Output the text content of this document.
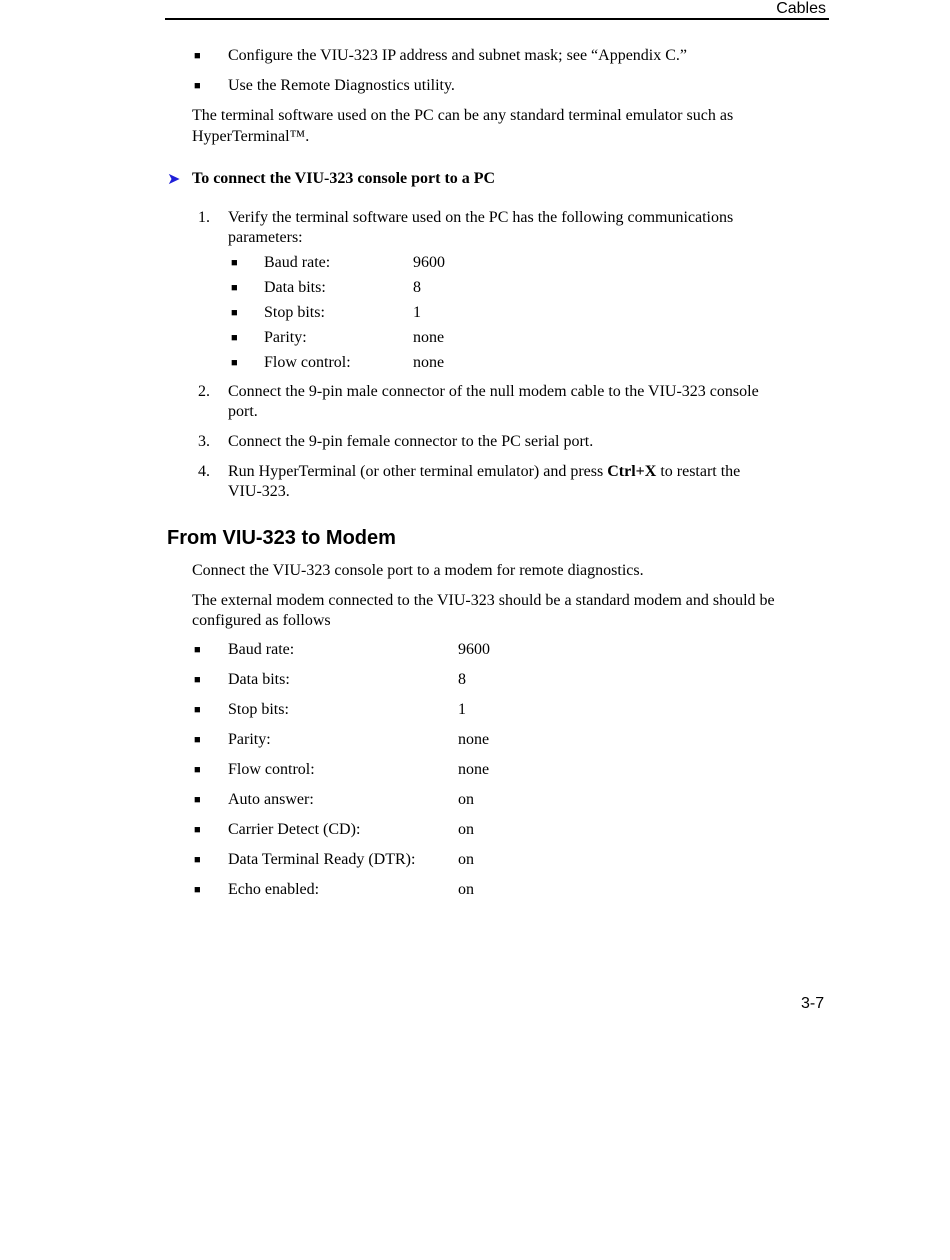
Cables
■ Configure the VIU-323 IP address and subnet mask; see “Appendix C.”
■ Use the Remote Diagnostics utility.
The terminal software used on the PC can be any standard terminal emulator such as
HyperTerminal™.
➤ To connect the VIU-323 console port to a PC
1. Verify the terminal software used on the PC has the following communications
parameters:
■ Baud rate:	9600
■ Data bits:	8
■ Stop bits:	1
■ Parity:	none
■ Flow control:	none
2. Connect the 9-pin male connector of the null modem cable to the VIU-323 console
port.
3. Connect the 9-pin female connector to the PC serial port.
4. Run HyperTerminal (or other terminal emulator) and press Ctrl+X to restart the
VIU-323.
From VIU-323 to Modem
Connect the VIU-323 console port to a modem for remote diagnostics.
The external modem connected to the VIU-323 should be a standard modem and should be
configured as follows
■ Baud rate:	9600
■ Data bits:	8
■ Stop bits:	1
■ Parity:	none
■ Flow control:	none
■ Auto answer:	on
■ Carrier Detect (CD):	on
■ Data Terminal Ready (DTR):	on
■ Echo enabled:	on
3-7
